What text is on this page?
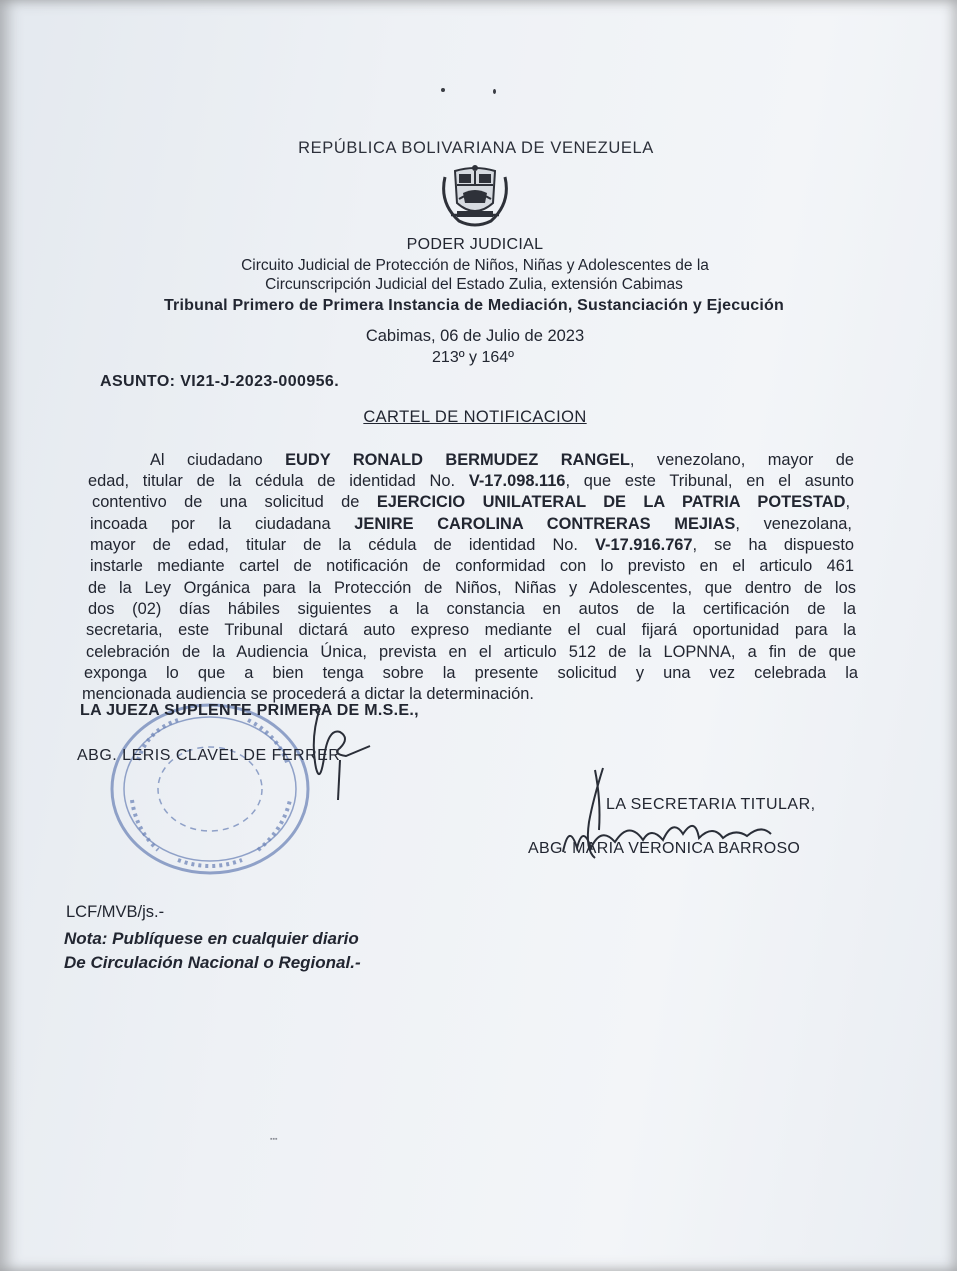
REPÚBLICA BOLIVARIANA DE VENEZUELA
PODER JUDICIAL
Circuito Judicial de Protección de Niños, Niñas y Adolescentes de la
Circunscripción Judicial del Estado Zulia, extensión Cabimas
Tribunal Primero de Primera Instancia de Mediación, Sustanciación y Ejecución
Cabimas, 06 de Julio de 2023
213º y 164º
ASUNTO: VI21-J-2023-000956.
CARTEL DE NOTIFICACION
Al ciudadano EUDY RONALD BERMUDEZ RANGEL, venezolano, mayor de
edad, titular de la cédula de identidad No. V-17.098.116, que este Tribunal, en el asunto
contentivo de una solicitud de EJERCICIO UNILATERAL DE LA PATRIA POTESTAD,
incoada por la ciudadana JENIRE CAROLINA CONTRERAS MEJIAS, venezolana,
mayor de edad, titular de la cédula de identidad No. V-17.916.767, se ha dispuesto
instarle mediante cartel de notificación de conformidad con lo previsto en el articulo 461
de la Ley Orgánica para la Protección de Niños, Niñas y Adolescentes, que dentro de los
dos (02) días hábiles siguientes a la constancia en autos de la certificación de la
secretaria, este Tribunal dictará auto expreso mediante el cual fijará oportunidad para la
celebración de la Audiencia Única, prevista en el articulo 512 de la LOPNNA, a fin de que
exponga lo que a bien tenga sobre la presente solicitud y una vez celebrada la
mencionada audiencia se procederá a dictar la determinación.
LA JUEZA SUPLENTE PRIMERA DE M.S.E.,
ABG. LERIS CLAVEL DE FERRER
LA SECRETARIA TITULAR,
ABG. MARIA VERONICA BARROSO
LCF/MVB/js.-
Nota: Publíquese en cualquier diario
De Circulación Nacional o Regional.-
▪▪▪
